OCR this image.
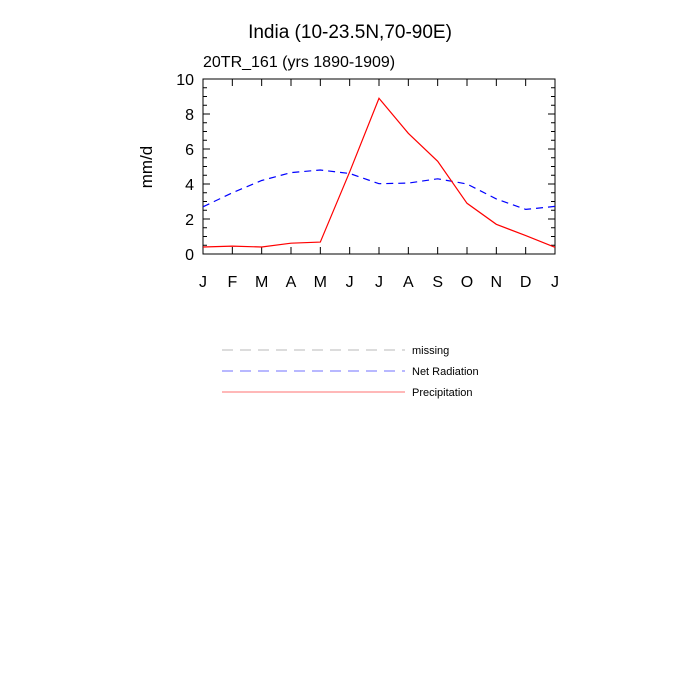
India (10-23.5N,70-90E)
20TR_161 (yrs 1890-1909)
mm/d
0
2
4
6
8
10
J F M A M J J A S O N D J
missing
Net Radiation
Precipitation
